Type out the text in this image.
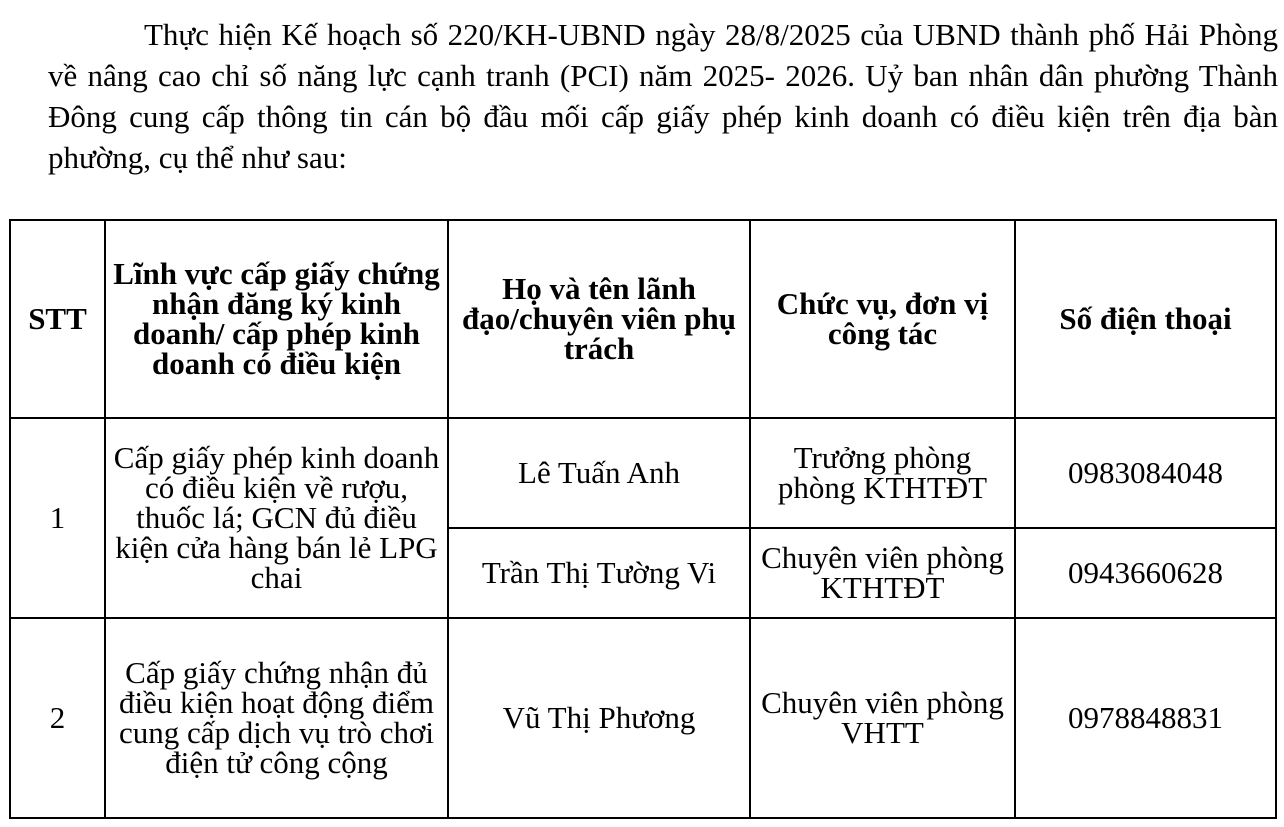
Thực hiện Kế hoạch số 220/KH-UBND ngày 28/8/2025 của UBND thành phố Hải Phòng về nâng cao chỉ số năng lực cạnh tranh (PCI) năm 2025- 2026. Uỷ ban nhân dân phường Thành Đông cung cấp thông tin cán bộ đầu mối cấp giấy phép kinh doanh có điều kiện trên địa bàn phường, cụ thể như sau:

STT	Lĩnh vực cấp giấy chứng nhận đăng ký kinh doanh/ cấp phép kinh doanh có điều kiện	Họ và tên lãnh đạo/chuyên viên phụ trách	Chức vụ, đơn vị công tác	Số điện thoại
1	Cấp giấy phép kinh doanh có điều kiện về rượu, thuốc lá; GCN đủ điều kiện cửa hàng bán lẻ LPG chai	Lê Tuấn Anh	Trưởng phòng phòng KTHTĐT	0983084048
		Trần Thị Tường Vi	Chuyên viên phòng KTHTĐT	0943660628
2	Cấp giấy chứng nhận đủ điều kiện hoạt động điểm cung cấp dịch vụ trò chơi điện tử công cộng	Vũ Thị Phương	Chuyên viên phòng VHTT	0978848831
